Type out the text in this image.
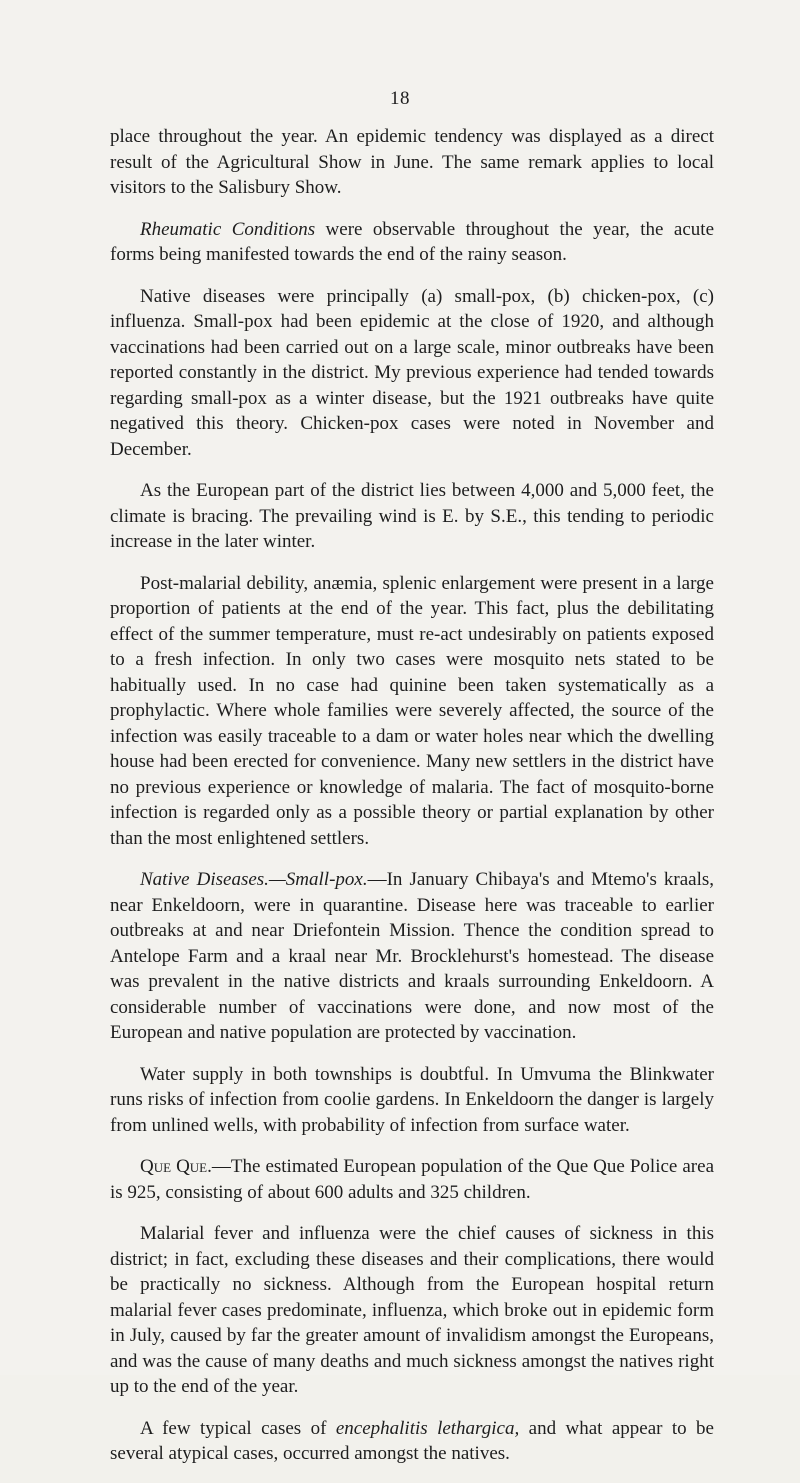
18

place throughout the year. An epidemic tendency was displayed as a direct result of the Agricultural Show in June. The same remark applies to local visitors to the Salisbury Show.

Rheumatic Conditions were observable throughout the year, the acute forms being manifested towards the end of the rainy season.

Native diseases were principally (a) small-pox, (b) chicken-pox, (c) influenza. Small-pox had been epidemic at the close of 1920, and although vaccinations had been carried out on a large scale, minor outbreaks have been reported constantly in the district. My previous experience had tended towards regarding small-pox as a winter disease, but the 1921 outbreaks have quite negatived this theory. Chicken-pox cases were noted in November and December.

As the European part of the district lies between 4,000 and 5,000 feet, the climate is bracing. The prevailing wind is E. by S.E., this tending to periodic increase in the later winter.

Post-malarial debility, anæmia, splenic enlargement were present in a large proportion of patients at the end of the year. This fact, plus the debilitating effect of the summer temperature, must re-act undesirably on patients exposed to a fresh infection. In only two cases were mosquito nets stated to be habitually used. In no case had quinine been taken systematically as a prophylactic. Where whole families were severely affected, the source of the infection was easily traceable to a dam or water holes near which the dwelling house had been erected for convenience. Many new settlers in the district have no previous experience or knowledge of malaria. The fact of mosquito-borne infection is regarded only as a possible theory or partial explanation by other than the most enlightened settlers.

Native Diseases.—Small-pox.—In January Chibaya's and Mtemo's kraals, near Enkeldoorn, were in quarantine. Disease here was traceable to earlier outbreaks at and near Driefontein Mission. Thence the condition spread to Antelope Farm and a kraal near Mr. Brocklehurst's homestead. The disease was prevalent in the native districts and kraals surrounding Enkeldoorn. A considerable number of vaccinations were done, and now most of the European and native population are protected by vaccination.

Water supply in both townships is doubtful. In Umvuma the Blinkwater runs risks of infection from coolie gardens. In Enkeldoorn the danger is largely from unlined wells, with probability of infection from surface water.

Que Que.—The estimated European population of the Que Que Police area is 925, consisting of about 600 adults and 325 children.

Malarial fever and influenza were the chief causes of sickness in this district; in fact, excluding these diseases and their complications, there would be practically no sickness. Although from the European hospital return malarial fever cases predominate, influenza, which broke out in epidemic form in July, caused by far the greater amount of invalidism amongst the Europeans, and was the cause of many deaths and much sickness amongst the natives right up to the end of the year.

A few typical cases of encephalitis lethargica, and what appear to be several atypical cases, occurred amongst the natives.
